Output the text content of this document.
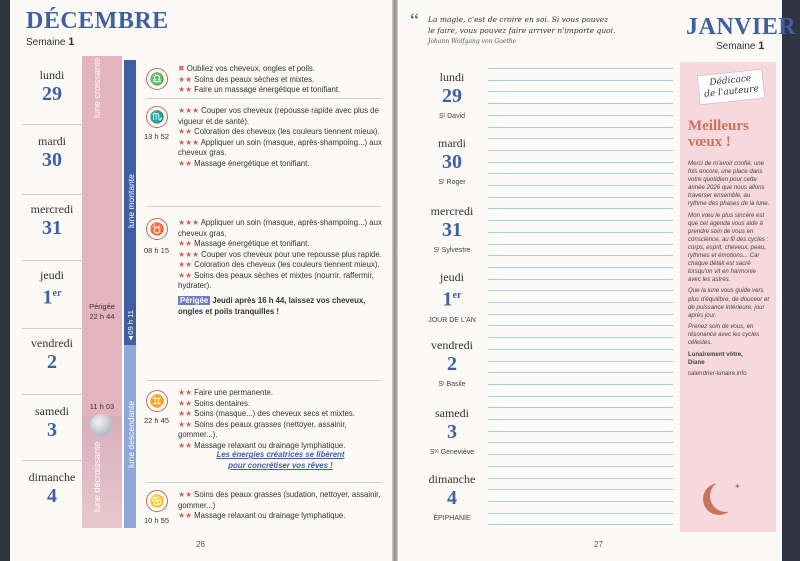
DÉCEMBRE
Semaine 1
lune croissante
lune décroissante
Périgée
22 h 44
11 h 03
lune montante
lune descendante
◄09 h 11
lundi
29
mardi
30
mercredi
31
jeudi
1er
vendredi
2
samedi
3
dimanche
4
♎
✖ Oubliez vos cheveux, ongles et poils.
★★ Soins des peaux sèches et mixtes.
★★ Faire un massage énergétique et tonifiant.
♏
13 h 52
★★★ Couper vos cheveux (repousse rapide avec plus de
vigueur et de santé).
★★ Coloration des cheveux (les couleurs tiennent mieux).
★★★ Appliquer un soin (masque, après-shampoing...) aux
cheveux gras.
★★ Massage énergétique et tonifiant.
♉
08 h 15
★★★ Appliquer un soin (masque, après-shampoing...) aux
cheveux gras.
★★ Massage énergétique et tonifiant.
★★★ Couper vos cheveux pour une repousse plus rapide.
★★ Coloration des cheveux (les couleurs tiennent mieux).
★★ Soins des peaux sèches et mixtes (nourrir, raffermir,
hydrater).
Périgée Jeudi après 16 h 44, laissez vos cheveux, ongles et poils tranquilles !
♊
22 h 45
★★ Faire une permanente.
★★ Soins dentaires.
★★ Soins (masque...) des cheveux secs et mixtes.
★★ Soins des peaux grasses (nettoyer, assainir, gommer...).
★★ Massage relaxant ou drainage lymphatique.
Les énergies créatrices se libèrent
pour concrétiser vos rêves !
♋
10 h 55
★★ Soins des peaux grasses (sudation, nettoyer, assainir,
gommer...)
★★ Massage relaxant ou drainage lymphatique.
26
“ La magie, c'est de croire en soi. Si vous pouvez
le faire, vous pouvez faire arriver n'importe quoi.
Johann Wolfgang von Goethe
JANVIER
Semaine 1
lundi
29
Sᵗ David
mardi
30
Sᵗ Roger
mercredi
31
Sᵗ Sylvestre
jeudi
1er
JOUR DE L'AN
vendredi
2
Sᵗ Basile
samedi
3
Sᵗᵉ Geneviève
dimanche
4
ÉPIPHANIE
Dédicace
de l'auteure
Meilleurs
vœux !

Merci de m'avoir confié, une fois encore, une place dans votre quotidien pour cette année 2026 que nous allons traverser ensemble, au rythme des phases de la lune.

Mon vœu le plus sincère est que cet agenda vous aide à prendre soin de vous en conscience, au fil des cycles : corps, esprit, cheveux, peau, rythmes et émotions... Car chaque détail est sacré lorsqu'on vit en harmonie avec les astres.

Que la lune vous guide vers plus d'équilibre, de douceur et de puissance intérieure, jour après jour.

Prenez soin de vous, en résonance avec les cycles célestes.

Lunairement vôtre,

Diane

calendrier-lunaire.info

✦
27
